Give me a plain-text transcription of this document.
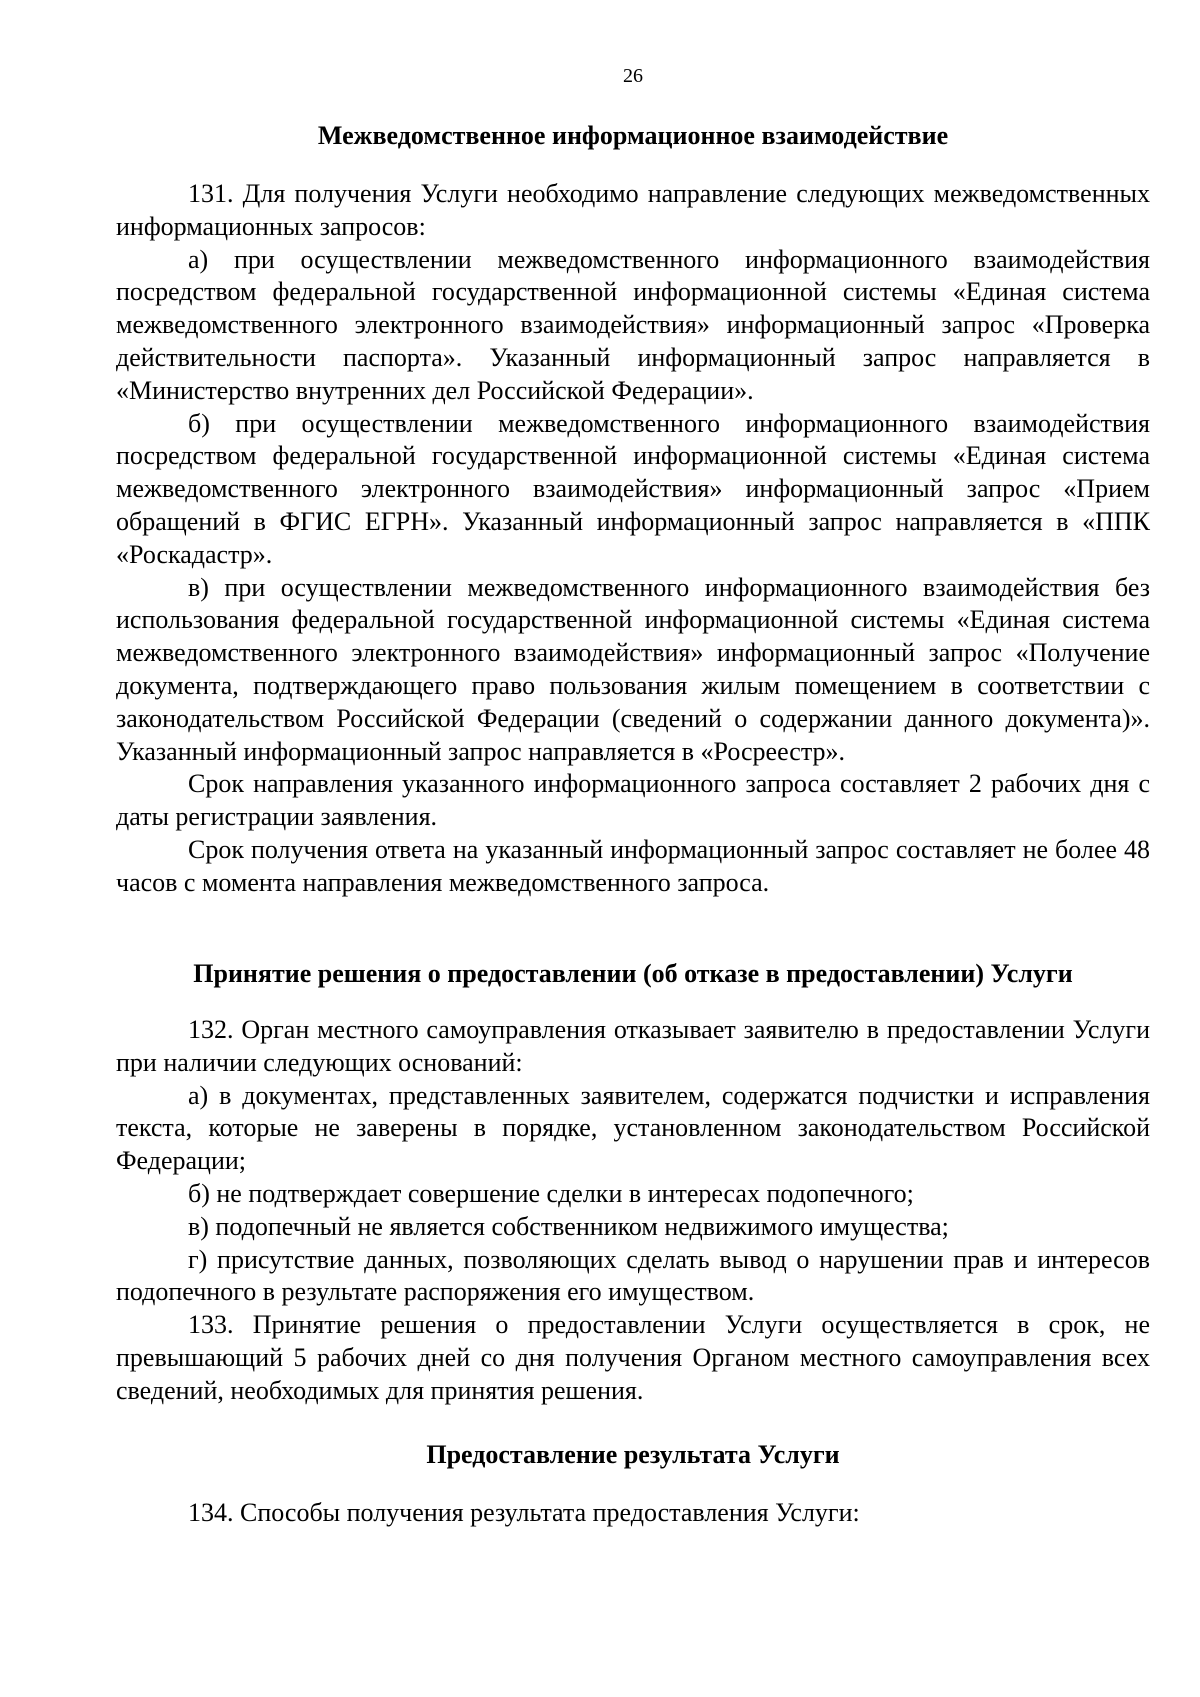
26
Межведомственное информационное взаимодействие

131. Для получения Услуги необходимо направление следующих межведомственных информационных запросов:

а) при осуществлении межведомственного информационного взаимодействия посредством федеральной государственной информационной системы «Единая система межведомственного электронного взаимодействия» информационный запрос «Проверка действительности паспорта». Указанный информационный запрос направляется в «Министерство внутренних дел Российской Федерации».

б) при осуществлении межведомственного информационного взаимодействия посредством федеральной государственной информационной системы «Единая система межведомственного электронного взаимодействия» информационный запрос «Прием обращений в ФГИС ЕГРН». Указанный информационный запрос направляется в «ППК «Роскадастр».

в) при осуществлении межведомственного информационного взаимодействия без использования федеральной государственной информационной системы «Единая система межведомственного электронного взаимодействия» информационный запрос «Получение документа, подтверждающего право пользования жилым помещением в соответствии с законодательством Российской Федерации (сведений о содержании данного документа)». Указанный информационный запрос направляется в «Росреестр».

Срок направления указанного информационного запроса составляет 2 рабочих дня с даты регистрации заявления.

Срок получения ответа на указанный информационный запрос составляет не более 48 часов с момента направления межведомственного запроса.

Принятие решения о предоставлении (об отказе в предоставлении) Услуги

132. Орган местного самоуправления отказывает заявителю в предоставлении Услуги при наличии следующих оснований:

а) в документах, представленных заявителем, содержатся подчистки и исправления текста, которые не заверены в порядке, установленном законодательством Российской Федерации;

б) не подтверждает совершение сделки в интересах подопечного;

в) подопечный не является собственником недвижимого имущества;

г) присутствие данных, позволяющих сделать вывод о нарушении прав и интересов подопечного в результате распоряжения его имуществом.

133. Принятие решения о предоставлении Услуги осуществляется в срок, не превышающий 5 рабочих дней со дня получения Органом местного самоуправления всех сведений, необходимых для принятия решения.

Предоставление результата Услуги

134. Способы получения результата предоставления Услуги:
